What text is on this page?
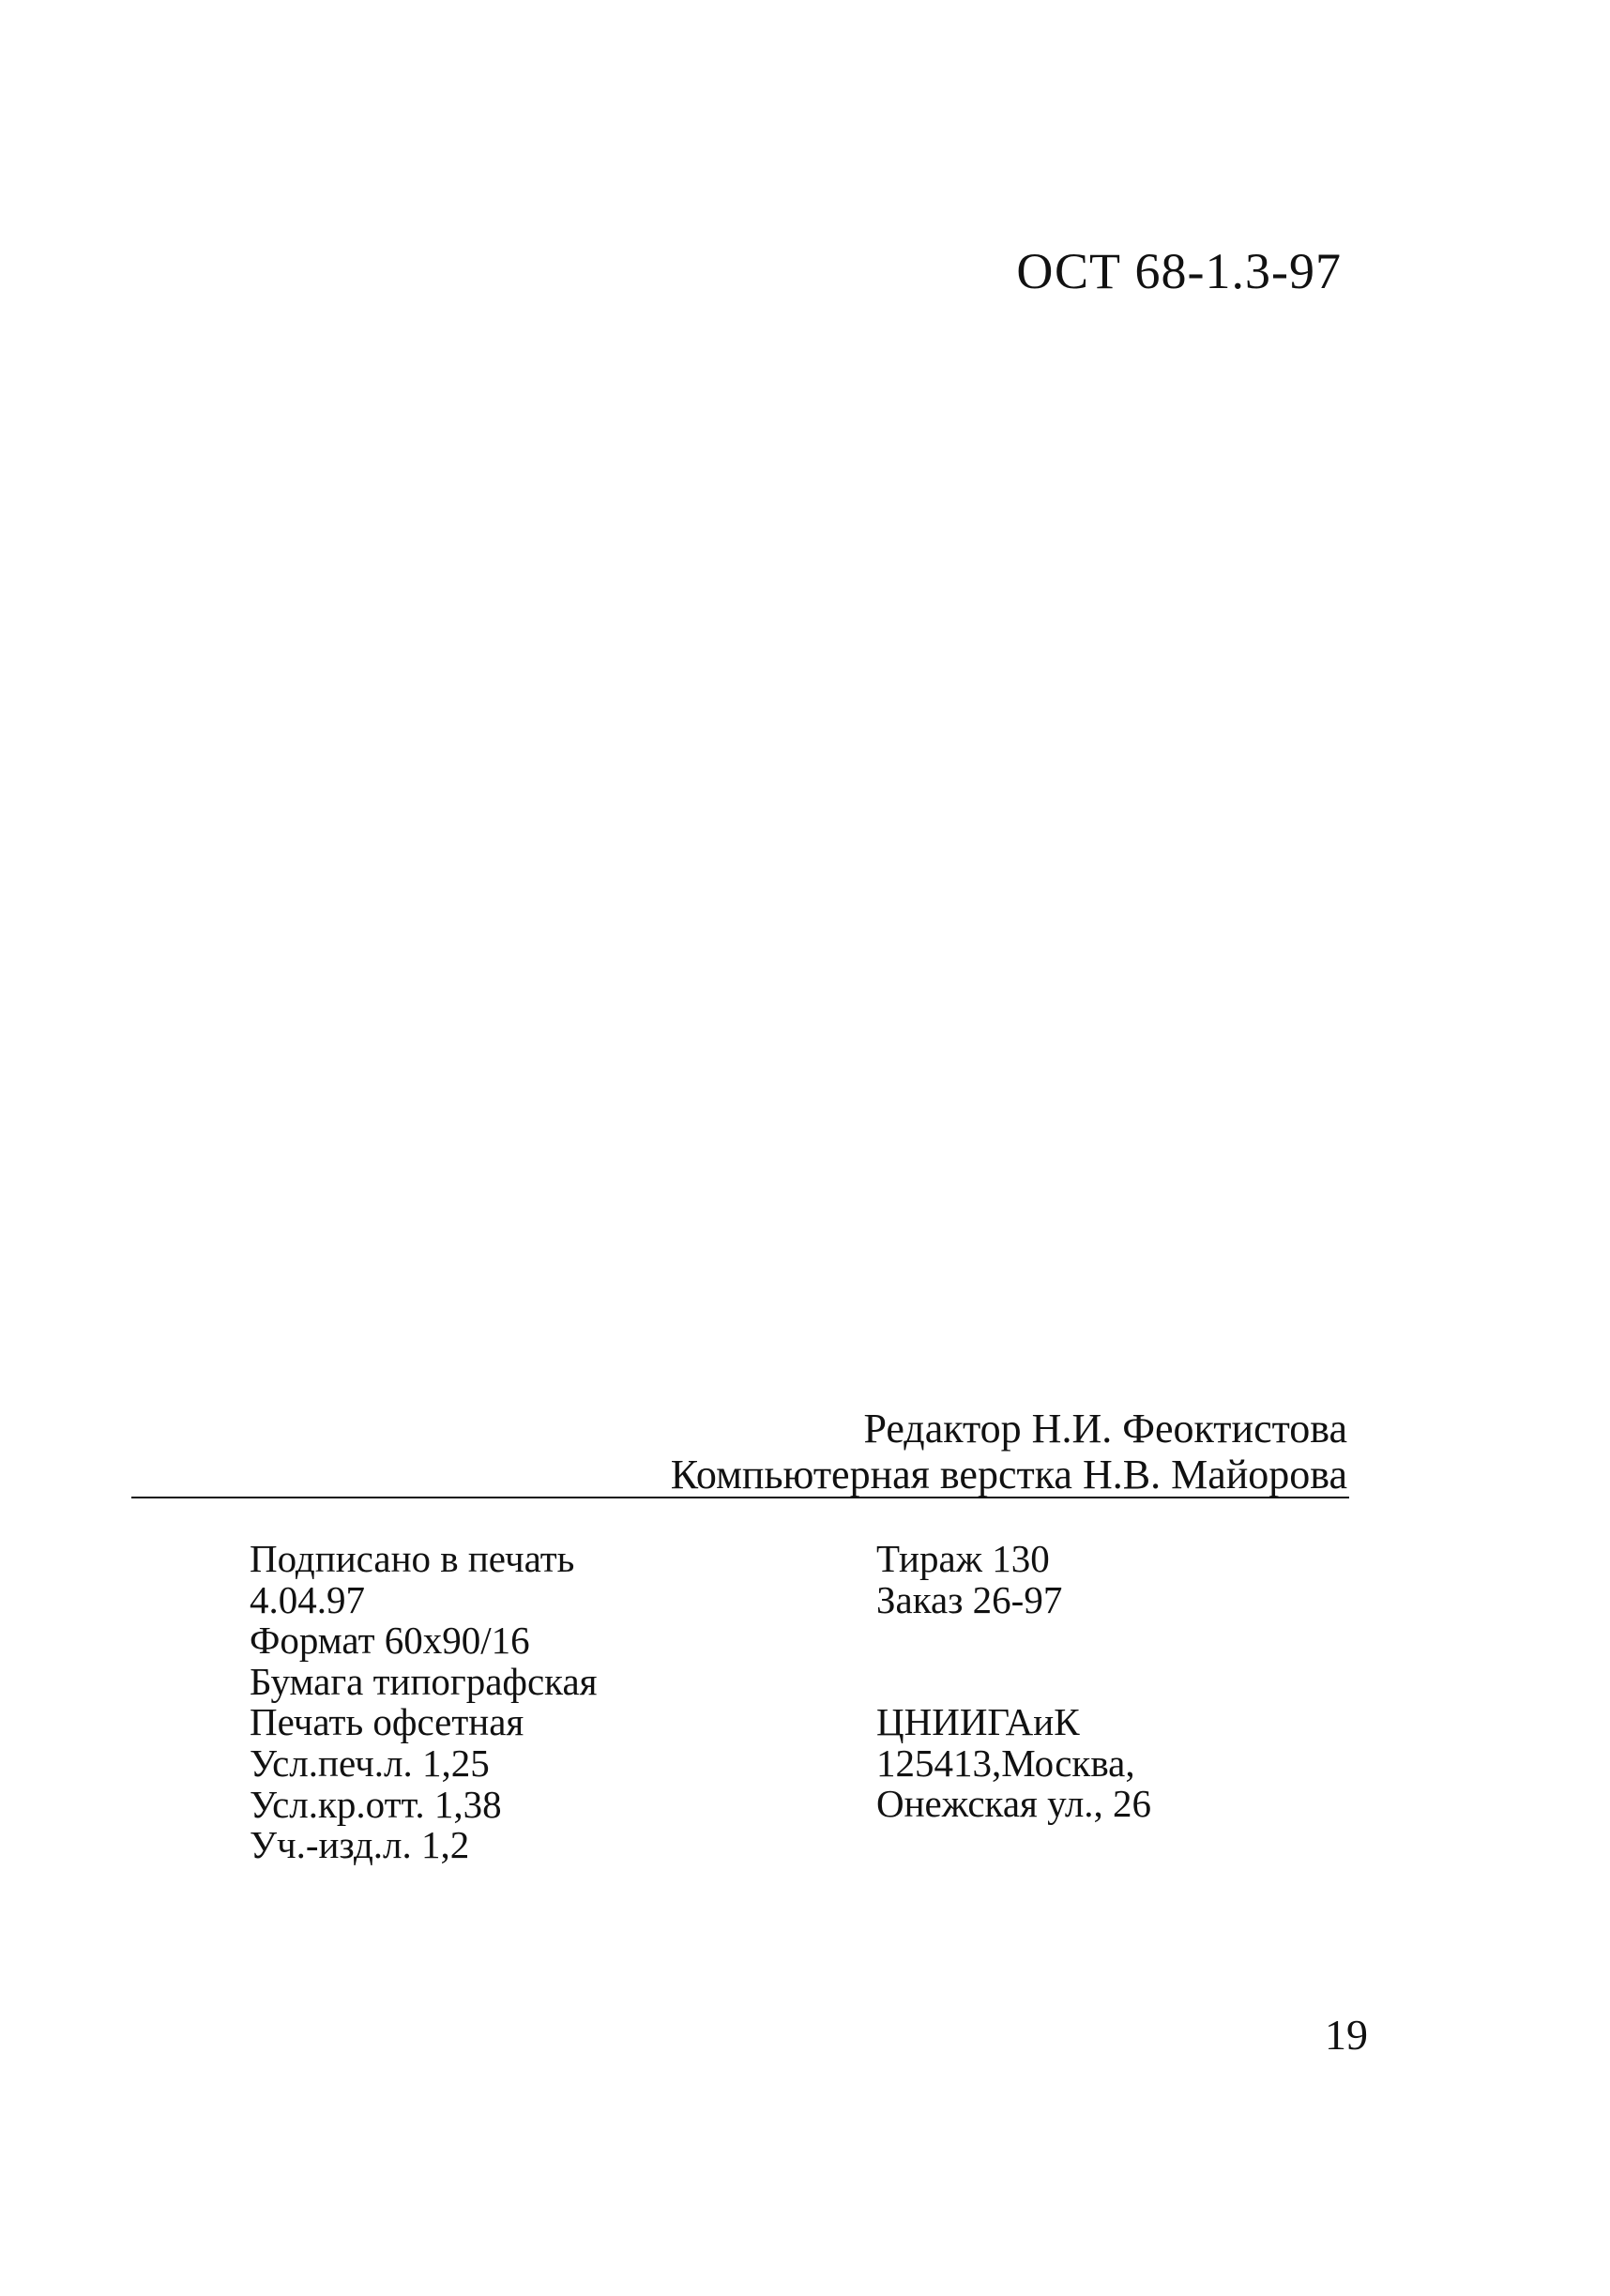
ОСТ 68-1.3-97
Редактор Н.И. Феоктистова
Компьютерная верстка Н.В. Майорова
Подписано в печать
4.04.97
Формат 60x90/16
Бумага типографская
Печать офсетная
Усл.печ.л. 1,25
Усл.кр.отт. 1,38
Уч.-изд.л. 1,2
Тираж 130
Заказ 26-97
ЦНИИГАиК
125413,Москва,
Онежская ул., 26
19
